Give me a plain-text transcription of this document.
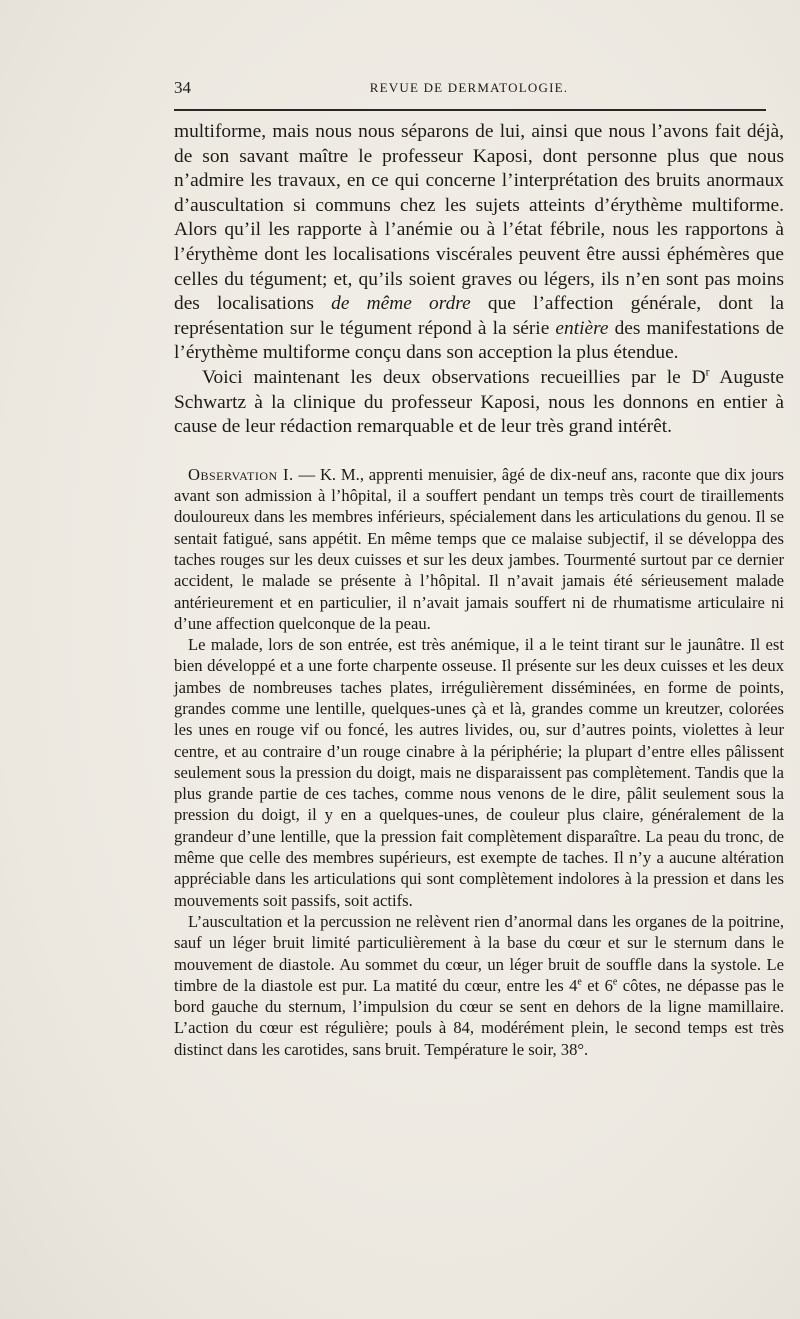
34	REVUE DE DERMATOLOGIE.

multiforme, mais nous nous séparons de lui, ainsi que nous l’avons fait déjà, de son savant maître le professeur Kaposi, dont personne plus que nous n’admire les travaux, en ce qui concerne l’interprétation des bruits anormaux d’auscultation si communs chez les sujets atteints d’érythème multiforme. Alors qu’il les rapporte à l’anémie ou à l’état fébrile, nous les rapportons à l’érythème dont les localisations viscérales peuvent être aussi éphémères que celles du tégument; et, qu’ils soient graves ou légers, ils n’en sont pas moins des localisations de même ordre que l’affection générale, dont la représentation sur le tégument répond à la série entière des manifestations de l’érythème multiforme conçu dans son acception la plus étendue.

Voici maintenant les deux observations recueillies par le $D^r$ Auguste Schwartz à la clinique du professeur Kaposi, nous les donnons en entier à cause de leur rédaction remarquable et de leur très grand intérêt.

Observation I. — K. M., apprenti menuisier, âgé de dix-neuf ans, raconte que dix jours avant son admission à l’hôpital, il a souffert pendant un temps très court de tiraillements douloureux dans les membres inférieurs, spécialement dans les articulations du genou. Il se sentait fatigué, sans appétit. En même temps que ce malaise subjectif, il se développa des taches rouges sur les deux cuisses et sur les deux jambes. Tourmenté surtout par ce dernier accident, le malade se présente à l’hôpital. Il n’avait jamais été sérieusement malade antérieurement et en particulier, il n’avait jamais souffert ni de rhumatisme articulaire ni d’une affection quelconque de la peau.

Le malade, lors de son entrée, est très anémique, il a le teint tirant sur le jaunâtre. Il est bien développé et a une forte charpente osseuse. Il présente sur les deux cuisses et les deux jambes de nombreuses taches plates, irrégulièrement disséminées, en forme de points, grandes comme une lentille, quelques-unes çà et là, grandes comme un kreutzer, colorées les unes en rouge vif ou foncé, les autres livides, ou, sur d’autres points, violettes à leur centre, et au contraire d’un rouge cinabre à la périphérie; la plupart d’entre elles pâlissent seulement sous la pression du doigt, mais ne disparaissent pas complètement. Tandis que la plus grande partie de ces taches, comme nous venons de le dire, pâlit seulement sous la pression du doigt, il y en a quelques-unes, de couleur plus claire, généralement de la grandeur d’une lentille, que la pression fait complètement disparaître. La peau du tronc, de même que celle des membres supérieurs, est exempte de taches. Il n’y a aucune altération appréciable dans les articulations qui sont complètement indolores à la pression et dans les mouvements soit passifs, soit actifs.

L’auscultation et la percussion ne relèvent rien d’anormal dans les organes de la poitrine, sauf un léger bruit limité particulièrement à la base du cœur et sur le sternum dans le mouvement de diastole. Au sommet du cœur, un léger bruit de souffle dans la systole. Le timbre de la diastole est pur. La matité du cœur, entre les 4e et 6e côtes, ne dépasse pas le bord gauche du sternum, l’impulsion du cœur se sent en dehors de la ligne mamillaire. L’action du cœur est régulière; pouls à 84, modérément plein, le second temps est très distinct dans les carotides, sans bruit. Température le soir, 38°.
